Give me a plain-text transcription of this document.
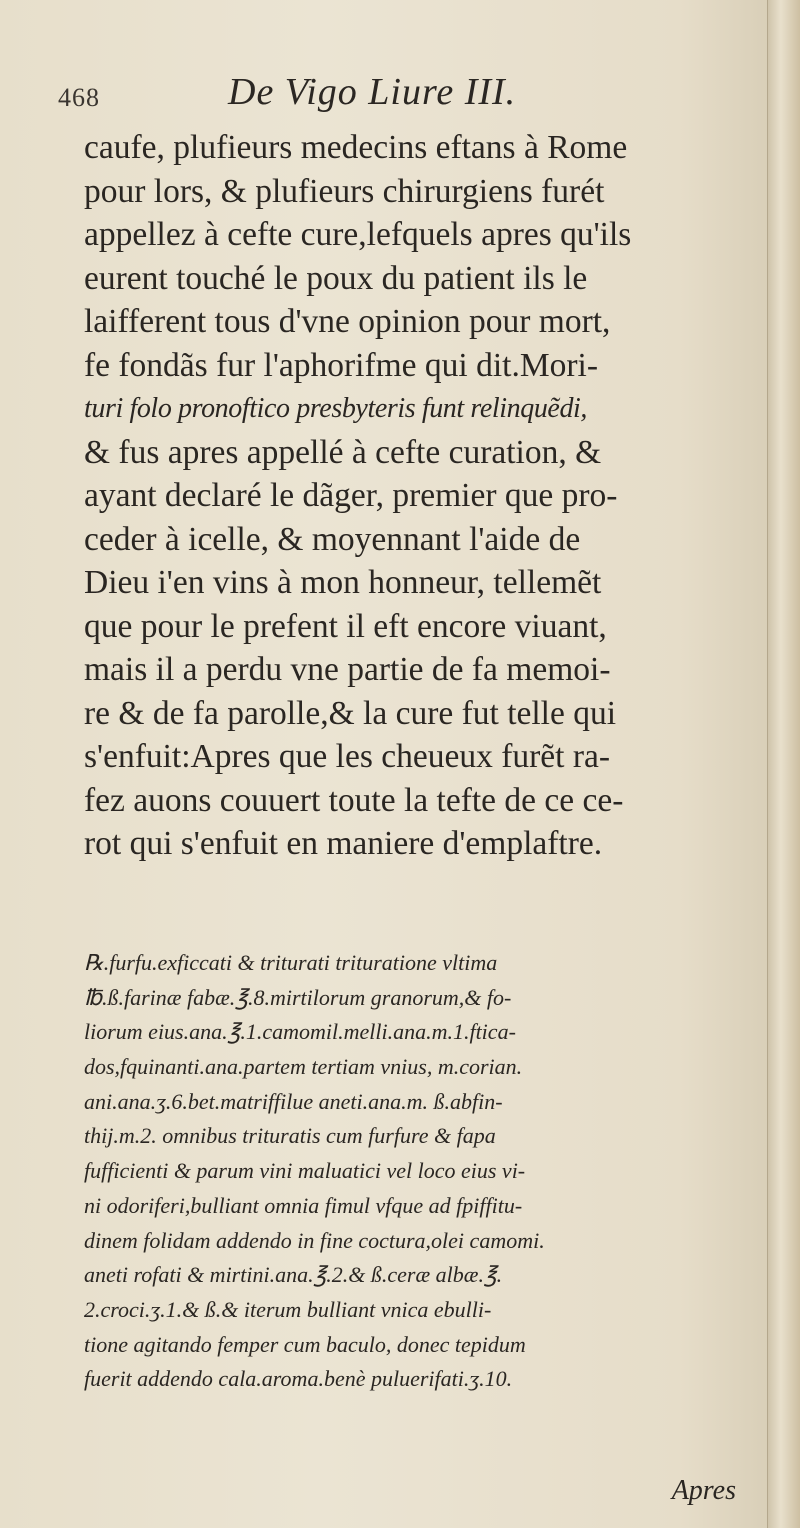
468	De Vigo Liure III.
caufe, plufieurs medecins eftans à Rome
pour lors, & plufieurs chirurgiens furét
appellez à cefte cure,lefquels apres qu'ils
eurent touché le poux du patient ils le
laifferent tous d'vne opinion pour mort,
fe fondãs fur l'aphorifme qui dit.Mori-
turi folo pronoftico presbyteris funt relinquẽdi,
& fus apres appellé à cefte curation, &
ayant declaré le dãger, premier que pro-
ceder à icelle, & moyennant l'aide de
Dieu i'en vins à mon honneur, tellemẽt
que pour le prefent il eft encore viuant,
mais il a perdu vne partie de fa memoi-
re & de fa parolle,& la cure fut telle qui
s'enfuit:Apres que les cheueux furẽt ra-
fez auons couuert toute la tefte de ce ce-
rot qui s'enfuit en maniere d'emplaftre.
℞.furfu.exficcati & triturati trituratione vltima
℔.ß.farinæ fabæ.℥.8.mirtilorum granorum,& fo-
liorum eius.ana.℥.1.camomil.melli.ana.m.1.ftica-
dos,fquinanti.ana.partem tertiam vnius, m.corian.
ani.ana.ʒ.6.bet.matriffilue aneti.ana.m. ß.abfin-
thij.m.2. omnibus trituratis cum furfure & fapa
fufficienti & parum vini maluatici vel loco eius vi-
ni odoriferi,bulliant omnia fimul vfque ad fpiffitu-
dinem folidam addendo in fine coctura,olei camomi.
aneti rofati & mirtini.ana.℥.2.& ß.ceræ albæ.℥.
2.croci.ʒ.1.& ß.& iterum bulliant vnica ebulli-
tione agitando femper cum baculo, donec tepidum
fuerit addendo cala.aroma.benè puluerifati.ʒ.10.
Apres
